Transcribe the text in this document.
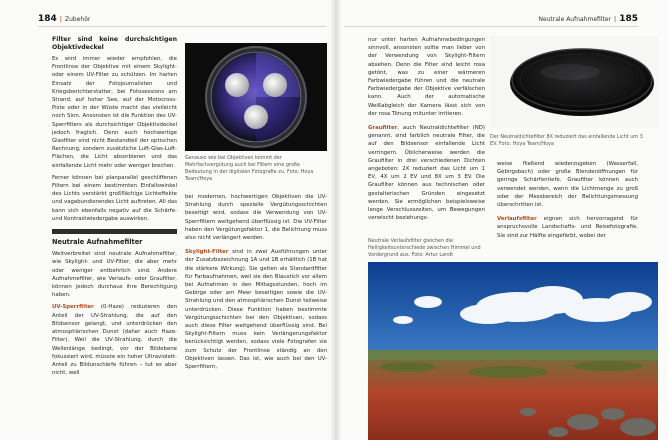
184 | Zubehör
Filter sind keine durchsichtigen Objektivdeckel

Es wird immer wieder empfohlen, die Frontlinse der Objektive mit einem Skylight- oder einem UV-Filter zu schützen. Im harten Einsatz der Fotojournalisten und Kriegsberichterstatter, bei Fotosessions am Strand, auf hoher See, auf der Motocross-Piste oder in der Wüste macht das vielleicht noch Sinn. Ansonsten ist die Funktion des UV-Sperrfilters als durchsichtiger Objektivdeckel jedoch fraglich. Denn auch hochwertige Glasfilter sind nicht Bestandteil der optischen Rechnung, sondern zusätzliche Luft-Glas-Luft-Flächen, die Licht absorbieren und das einfallende Licht mehr oder weniger brechen.

Ferner können bei planparallel geschliffenen Filtern bei einem bestimmten Einfallswinkel des Lichts verstärkt großflächige Lichteffekte und vagabundierendes Licht auftreten. All das kann sich ebenfalls negativ auf die Schärfe- und Kontrastwiedergabe auswirken.

Neutrale Aufnahmefilter

Weitverbreitet sind neutrale Aufnahmefilter, wie Skylight- und UV-Filter, die aber mehr oder weniger entbehrlich sind. Andere Aufnahmefilter, wie Verlaufs- oder Graufilter, können jedoch durchaus ihre Berechtigung haben.

UV-Sperrfilter (0-Haze) reduzieren den Anteil der UV-Strahlung, die auf den Bildsensor gelangt, und unterdrücken den atmosphärischen Dunst (daher auch Haze-Filter). Weil die UV-Strahlung, durch die Wellenlänge bedingt, vor der Bildebene fokussiert wird, müsste ein hoher Ultraviolett-Anteil zu Bildunschärfe führen – tut es aber nicht, weil

Genauso wie bei Objektiven kommt der Mehrfachvergütung auch bei Filtern eine große Bedeutung in der digitalen Fotografie zu. Foto: Hoya Team/Hoya

bei modernen, hochwertigen Objektiven die UV-Strahlung durch spezielle Vergütungsschichten beseitigt wird, sodass die Verwendung von UV-Sperrfiltern weitgehend überflüssig ist. Die UV-Filter haben den Vergütungsfaktor 1, die Belichtung muss also nicht verlängert werden.

Skylight-Filter sind in zwei Ausführungen unter der Zusatzbezeichnung 1A und 1B erhältlich (1B hat die stärkere Wirkung). Sie gelten als Standardfilter für Farbaufnahmen, weil sie den Blaustich vor allem bei Aufnahmen in den Mittagsstunden, hoch im Gebirge oder am Meer beseitigen sowie die UV-Strahlung und den atmosphärischen Dunst teilweise unterdrücken. Diese Funktion haben bestimmte Vergütungsschichten bei den Objektiven, sodass auch diese Filter weitgehend überflüssig sind. Bei Skylight-Filtern muss kein Verlängerungsfaktor berücksichtigt werden, sodass viele Fotografen sie zum Schutz der Frontlinse ständig an den Objektiven lassen. Das ist, wie auch bei den UV-Sperrfiltern,

Neutrale Aufnahmefilter | 185

nur unter harten Aufnahmebedingungen sinnvoll, ansonsten sollte man lieber von der Verwendung von Skylight-Filtern absehen. Denn die Filter sind leicht rosa getönt, was zu einer wärmeren Farbwiedergabe führen und die neutrale Farbwiedergabe der Objektive verfälschen kann. Auch der automatische Weißabgleich der Kamera lässt sich von der rosa Tönung mitunter irritieren.

Graufilter, auch Neutraldichtefilter (ND) genannt, sind farblich neutrale Filter, die auf den Bildsensor einfallende Licht verringern. Üblicherweise werden die Graufilter in drei verschiedenen Dichten angeboten: 2X reduziert das Licht um 1 EV, 4X um 2 EV und 8X um 3 EV. Die Graufilter können aus technischen oder gestalterischen Gründen eingesetzt werden. Sie ermöglichen beispielsweise lange Verschlusszeiten, um Bewegungen verwischt beziehungs-

Der Neutraldichtefilter 8X reduziert das einfallende Licht um 3 EV. Foto: Hoya Team/Hoya

weise fließend wiederzugeben (Wasserfall, Gebirgsbach) oder große Blendenöffnungen für geringe Schärfentiefe. Graufilter können auch verwendet werden, wenn die Lichtmenge zu groß oder der Messbereich der Belichtungsmessung überschritten ist.

Verlaufsfilter eignen sich hervorragend für anspruchsvolle Landschafts- und Reisefotografie. Sie sind zur Hälfte eingefärbt, wobei der

Neutrale Verlaufsfilter gleichen die Helligkeitsunterschiede zwischen Himmel und Vordergrund aus. Foto: Artur Landt
